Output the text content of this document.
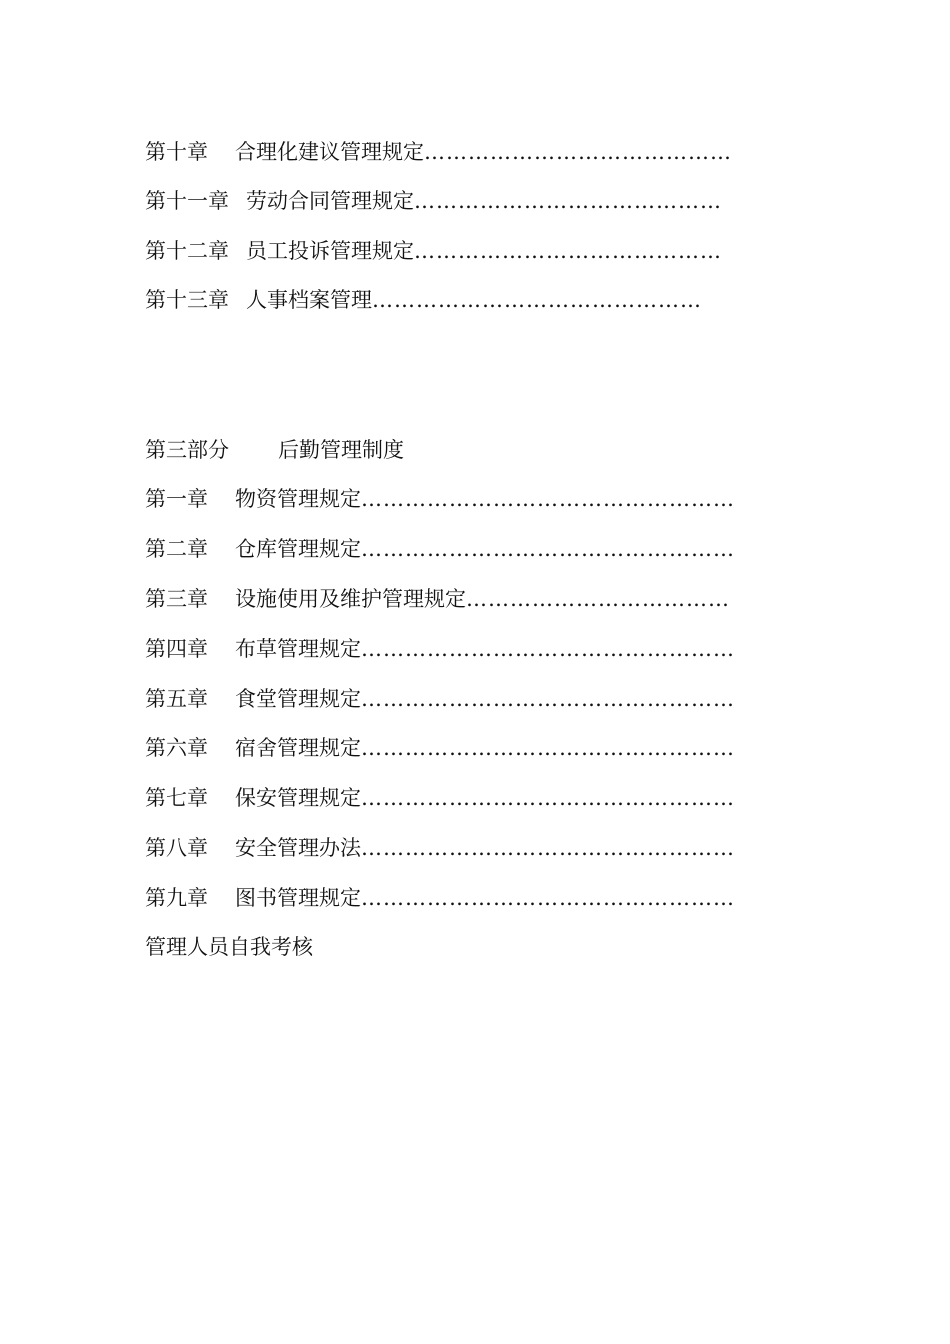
第十章 合理化建议管理规定……………………………………
第十一章 劳动合同管理规定……………………………………
第十二章 员工投诉管理规定……………………………………
第十三章 人事档案管理………………………………………
第三部分 后勤管理制度
第一章 物资管理规定……………………………………………
第二章 仓库管理规定……………………………………………
第三章 设施使用及维护管理规定………………………………
第四章 布草管理规定……………………………………………
第五章 食堂管理规定……………………………………………
第六章 宿舍管理规定……………………………………………
第七章 保安管理规定……………………………………………
第八章 安全管理办法……………………………………………
第九章 图书管理规定……………………………………………
管理人员自我考核
